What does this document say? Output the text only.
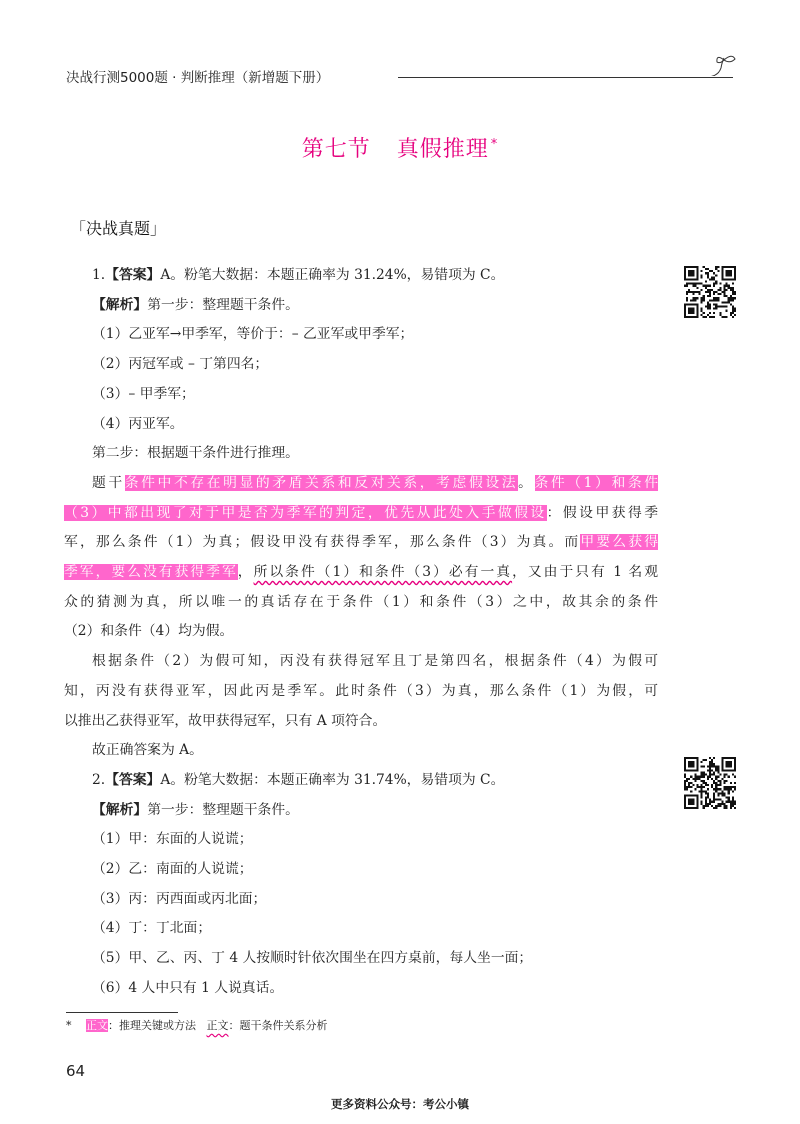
决战行测5000题 · 判断推理（新增题下册）
第七节 真假推理 *
「决战真题」

1.【答案】A。粉笔大数据：本题正确率为 31.24%，易错项为 C。

【解析】第一步：整理题干条件。

（1）乙亚军→甲季军，等价于：– 乙亚军或甲季军；

（2）丙冠军或 – 丁第四名；

（3）– 甲季军；

（4）丙亚军。

第二步：根据题干条件进行推理。

题干条件中不存在明显的矛盾关系和反对关系，考虑假设法。条件（1）和条件

（3）中都出现了对于甲是否为季军的判定，优先从此处入手做假设：假设甲获得季

军，那么条件（1）为真；假设甲没有获得季军，那么条件（3）为真。而甲要么获得

季军，要么没有获得季军，所以条件（1）和条件（3）必有一真，又由于只有 1 名观

众的猜测为真，所以唯一的真话存在于条件（1）和条件（3）之中，故其余的条件

（2）和条件（4）均为假。

根据条件（2）为假可知，丙没有获得冠军且丁是第四名，根据条件（4）为假可

知，丙没有获得亚军，因此丙是季军。此时条件（3）为真，那么条件（1）为假，可

以推出乙获得亚军，故甲获得冠军，只有 A 项符合。

故正确答案为 A。

2.【答案】A。粉笔大数据：本题正确率为 31.74%，易错项为 C。

【解析】第一步：整理题干条件。

（1）甲：东面的人说谎；

（2）乙：南面的人说谎；

（3）丙：丙西面或丙北面；

（4）丁：丁北面；

（5）甲、乙、丙、丁 4 人按顺时针依次围坐在四方桌前，每人坐一面；

（6）4 人中只有 1 人说真话。

* 正文：推理关键或方法 正文：题干条件关系分析
64
更多资料公众号：考公小镇
